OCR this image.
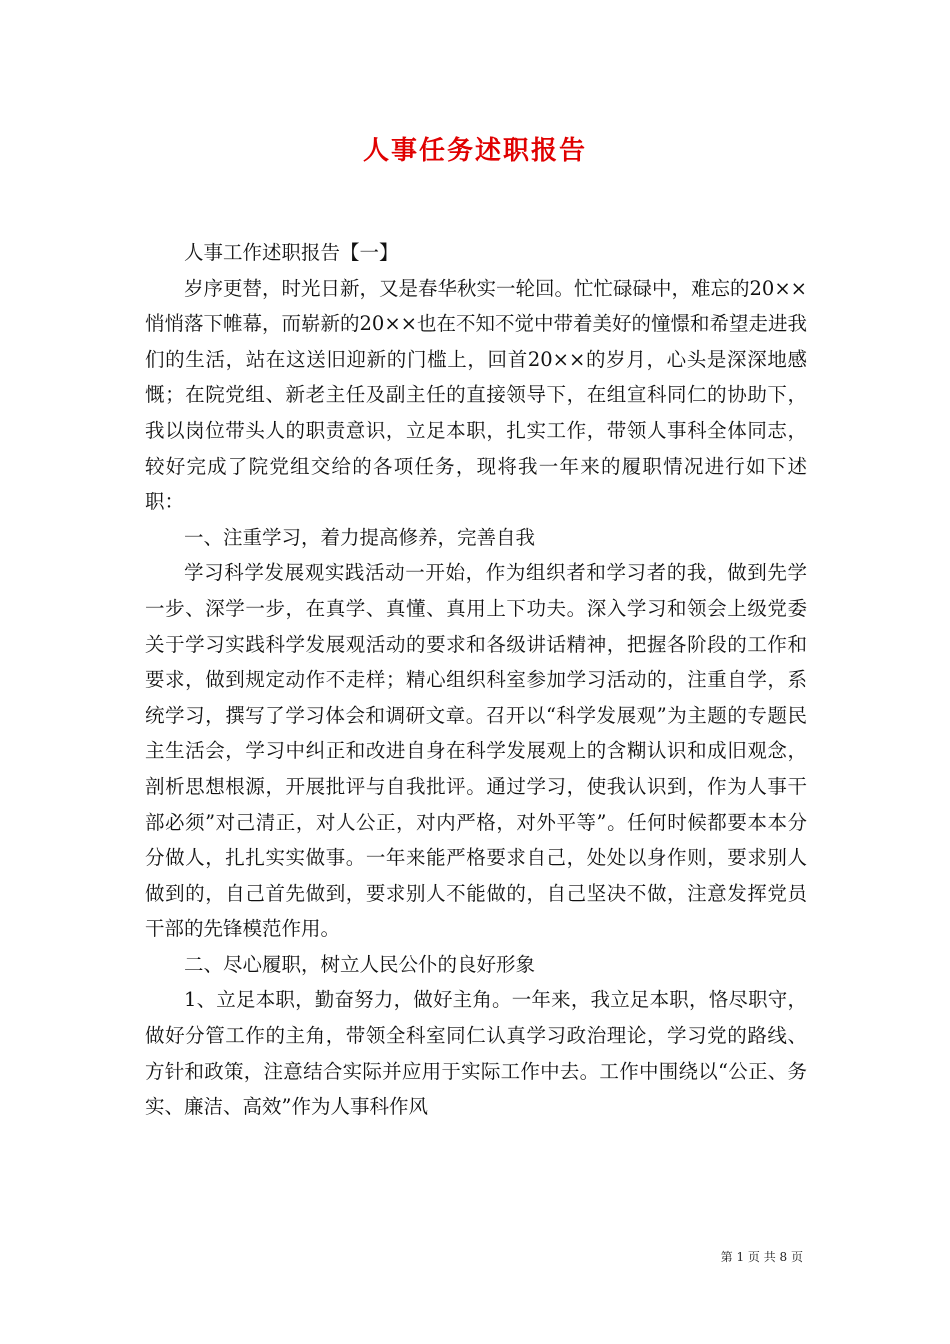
人事任务述职报告

人事工作述职报告【一】

岁序更替，时光日新，又是春华秋实一轮回。忙忙碌碌中，难忘的20××悄悄落下帷幕，而崭新的20××也在不知不觉中带着美好的憧憬和希望走进我们的生活，站在这送旧迎新的门槛上，回首20××的岁月，心头是深深地感慨；在院党组、新老主任及副主任的直接领导下，在组宣科同仁的协助下，我以岗位带头人的职责意识，立足本职，扎实工作，带领人事科全体同志，较好完成了院党组交给的各项任务，现将我一年来的履职情况进行如下述职：

一、注重学习，着力提高修养，完善自我

学习科学发展观实践活动一开始，作为组织者和学习者的我，做到先学一步、深学一步，在真学、真懂、真用上下功夫。深入学习和领会上级党委关于学习实践科学发展观活动的要求和各级讲话精神，把握各阶段的工作和要求，做到规定动作不走样；精心组织科室参加学习活动的，注重自学，系统学习，撰写了学习体会和调研文章。召开以“科学发展观”为主题的专题民主生活会，学习中纠正和改进自身在科学发展观上的含糊认识和成旧观念，剖析思想根源，开展批评与自我批评。通过学习，使我认识到，作为人事干部必须”对己清正，对人公正，对内严格，对外平等”。任何时候都要本本分分做人，扎扎实实做事。一年来能严格要求自己，处处以身作则，要求别人做到的，自己首先做到，要求别人不能做的，自己坚决不做，注意发挥党员干部的先锋模范作用。

二、尽心履职，树立人民公仆的良好形象

1、立足本职，勤奋努力，做好主角。一年来，我立足本职，恪尽职守，做好分管工作的主角，带领全科室同仁认真学习政治理论，学习党的路线、方针和政策，注意结合实际并应用于实际工作中去。工作中围绕以“公正、务实、廉洁、高效”作为人事科作风

第 1 页 共 8 页
